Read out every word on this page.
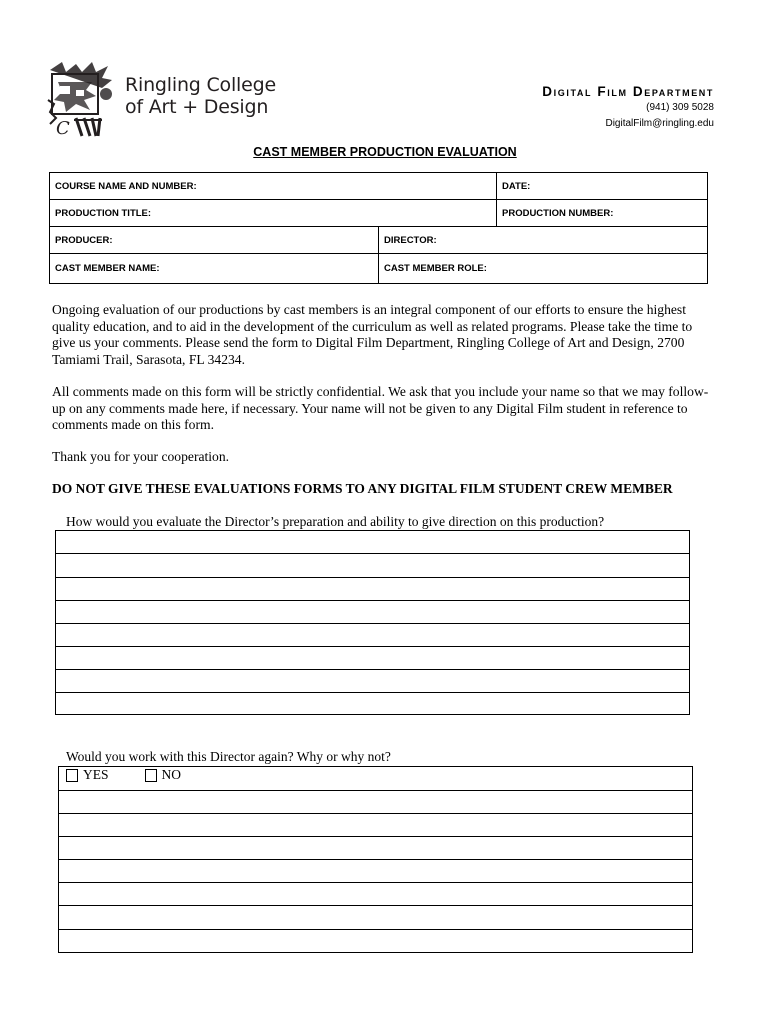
C
Ringling College
of Art + Design
Digital Film Department
(941) 309 5028
DigitalFilm@ringling.edu
CAST MEMBER PRODUCTION EVALUATION
COURSE NAME AND NUMBER:		DATE:
PRODUCTION TITLE:		PRODUCTION NUMBER:
PRODUCER:	DIRECTOR:	
CAST MEMBER NAME:	CAST MEMBER ROLE:	
Ongoing evaluation of our productions by cast members is an integral component of our efforts to ensure the highest quality education, and to aid in the development of the curriculum as well as related programs. Please take the time to give us your comments. Please send the form to Digital Film Department, Ringling College of Art and Design, 2700 Tamiami Trail, Sarasota, FL 34234.
All comments made on this form will be strictly confidential. We ask that you include your name so that we may follow-up on any comments made here, if necessary. Your name will not be given to any Digital Film student in reference to comments made on this form.
Thank you for your cooperation.
DO NOT GIVE THESE EVALUATIONS FORMS TO ANY DIGITAL FILM STUDENT CREW MEMBER
How would you evaluate the Director’s preparation and ability to give direction on this production?
Would you work with this Director again? Why or why not?
YES	NO
